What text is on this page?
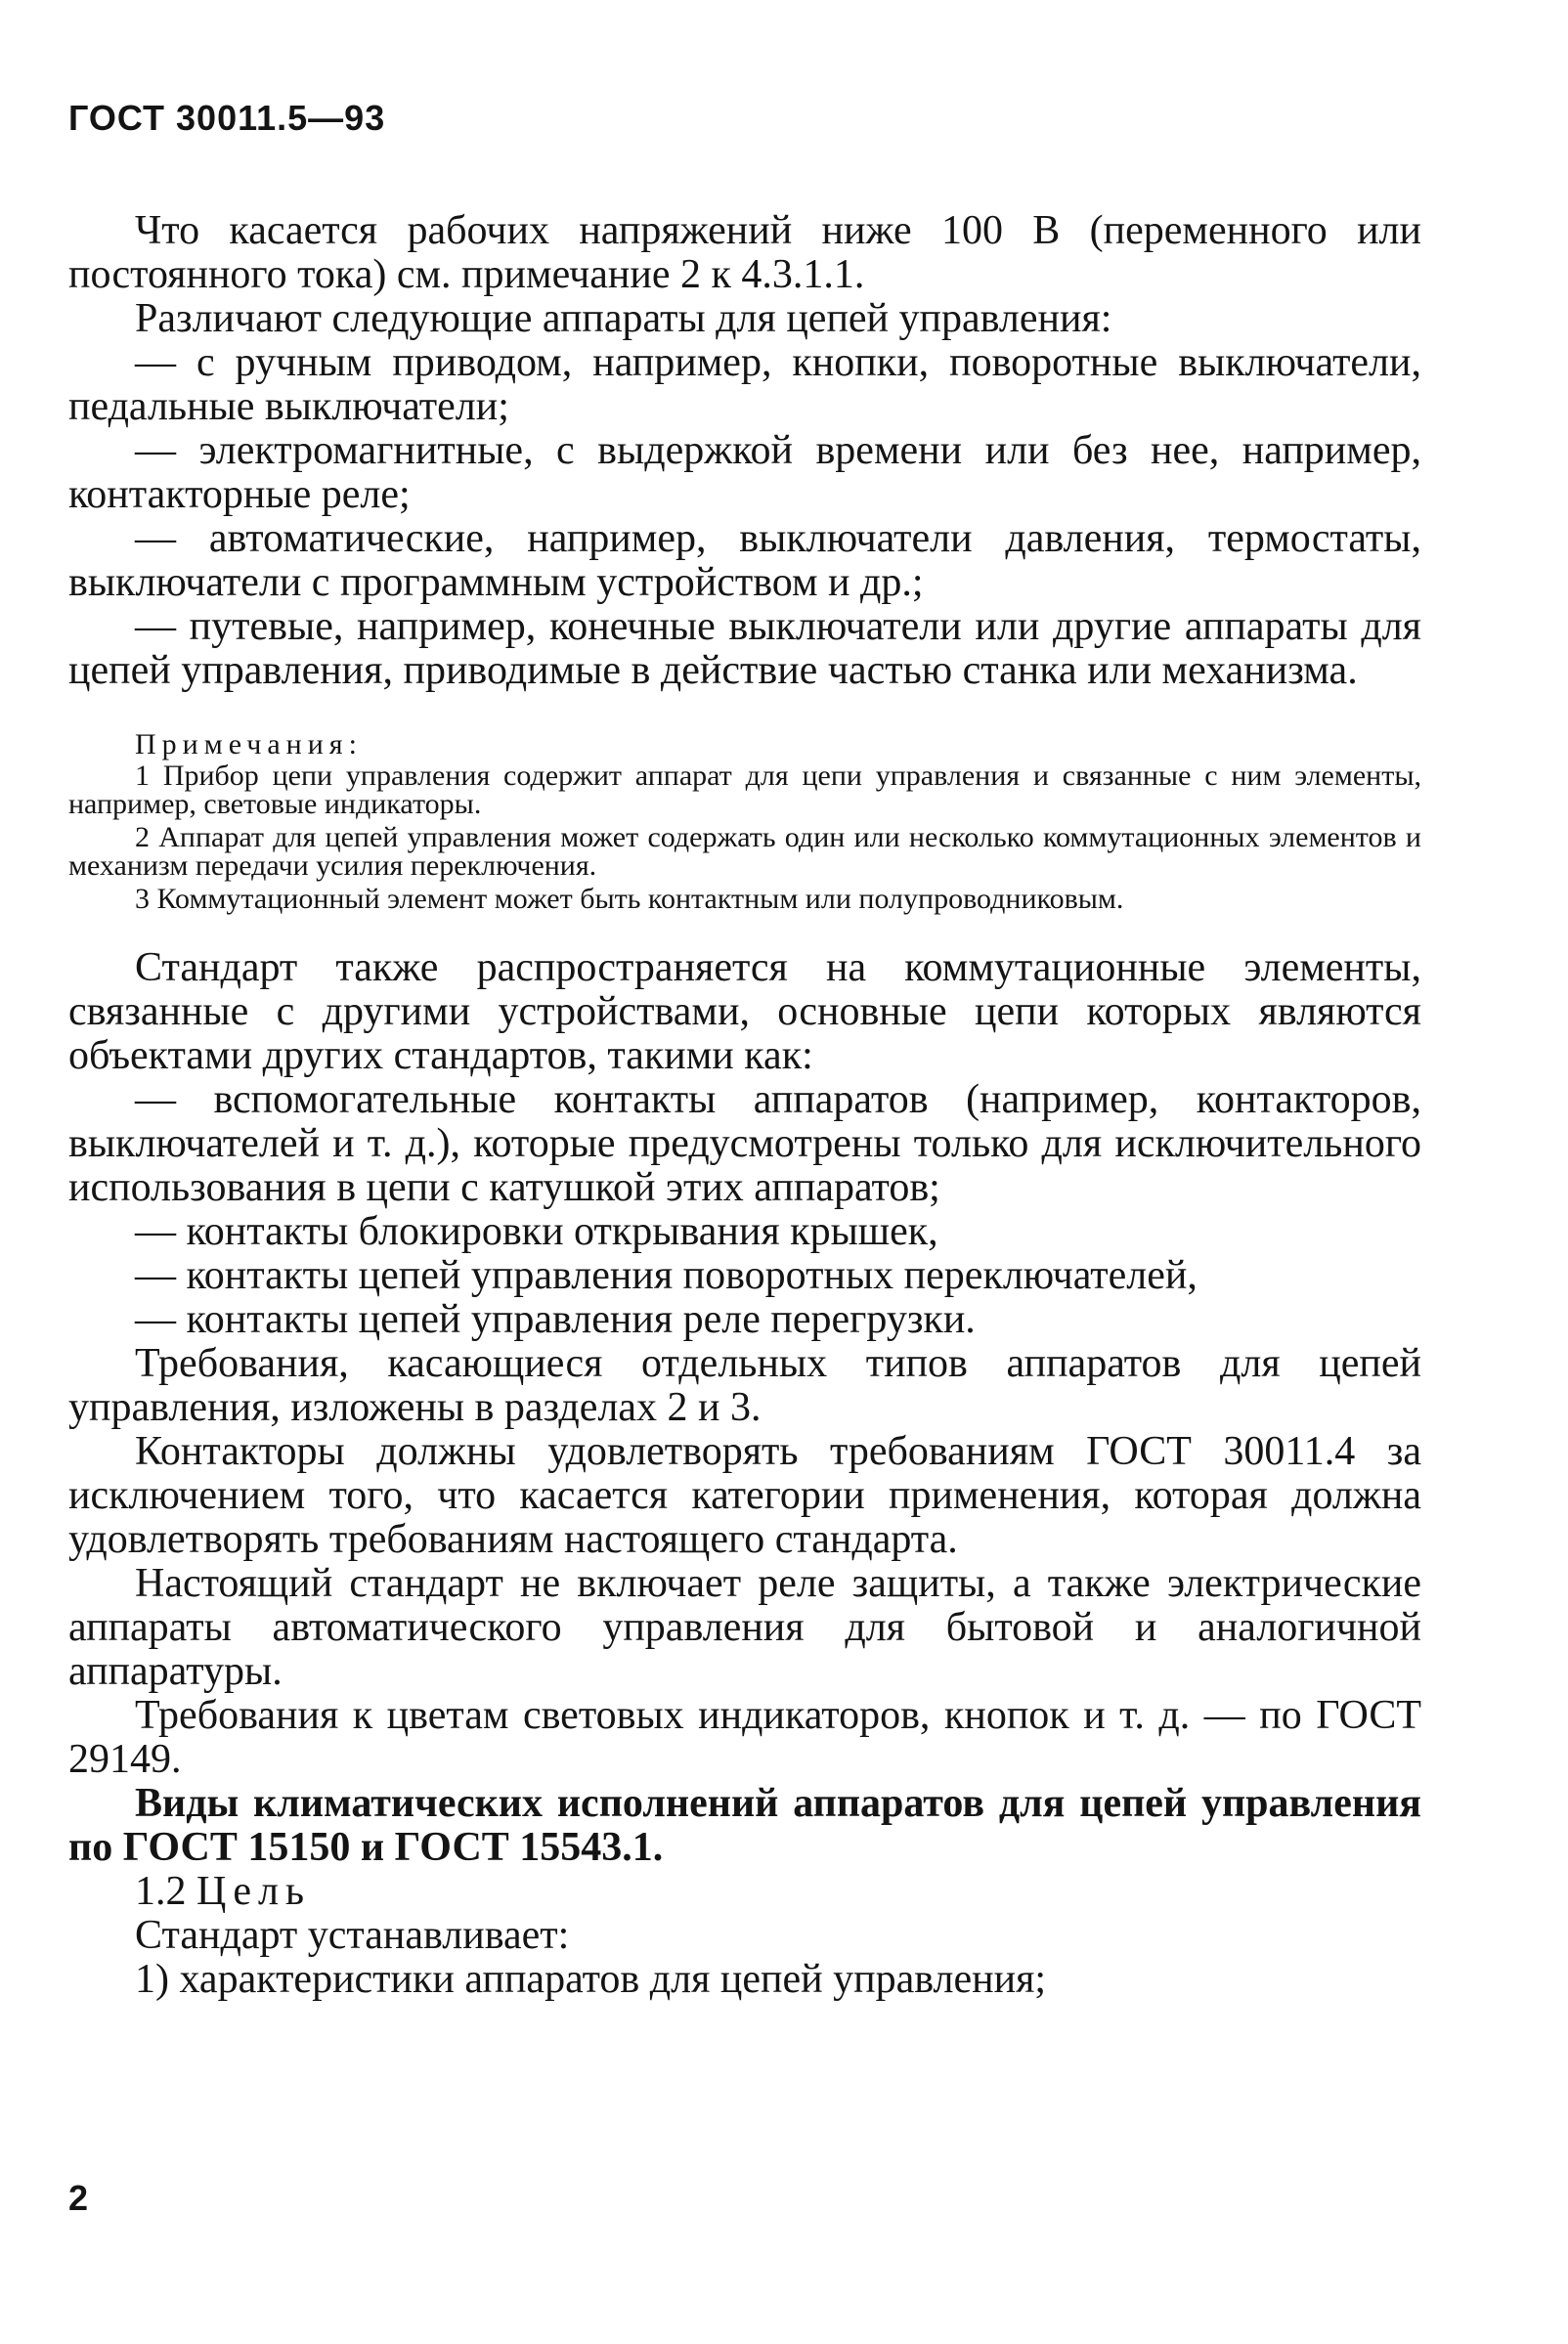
ГОСТ 30011.5—93

Что касается рабочих напряжений ниже 100 В (переменного или постоянного тока) см. примечание 2 к 4.3.1.1.

Различают следующие аппараты для цепей управления:

— с ручным приводом, например, кнопки, поворотные выключатели, педальные выключатели;

— электромагнитные, с выдержкой времени или без нее, например, контакторные реле;

— автоматические, например, выключатели давления, термостаты, выключатели с программным устройством и др.;

— путевые, например, конечные выключатели или другие аппараты для цепей управления, приводимые в действие частью станка или механизма.

Примечания:

1 Прибор цепи управления содержит аппарат для цепи управления и связанные с ним элементы, например, световые индикаторы.

2 Аппарат для цепей управления может содержать один или несколько коммутационных элементов и механизм передачи усилия переключения.

3 Коммутационный элемент может быть контактным или полупроводниковым.

Стандарт также распространяется на коммутационные элементы, связанные с другими устройствами, основные цепи которых являются объектами других стандартов, такими как:

— вспомогательные контакты аппаратов (например, контакторов, выключателей и т. д.), которые предусмотрены только для исключительного использования в цепи с катушкой этих аппаратов;

— контакты блокировки открывания крышек,

— контакты цепей управления поворотных переключателей,

— контакты цепей управления реле перегрузки.

Требования, касающиеся отдельных типов аппаратов для цепей управления, изложены в разделах 2 и 3.

Контакторы должны удовлетворять требованиям ГОСТ 30011.4 за исключением того, что касается категории применения, которая должна удовлетворять требованиям настоящего стандарта.

Настоящий стандарт не включает реле защиты, а также электрические аппараты автоматического управления для бытовой и аналогичной аппаратуры.

Требования к цветам световых индикаторов, кнопок и т. д. — по ГОСТ 29149.

Виды климатических исполнений аппаратов для цепей управления по ГОСТ 15150 и ГОСТ 15543.1.

1.2 Цель

Стандарт устанавливает:

1) характеристики аппаратов для цепей управления;

2
